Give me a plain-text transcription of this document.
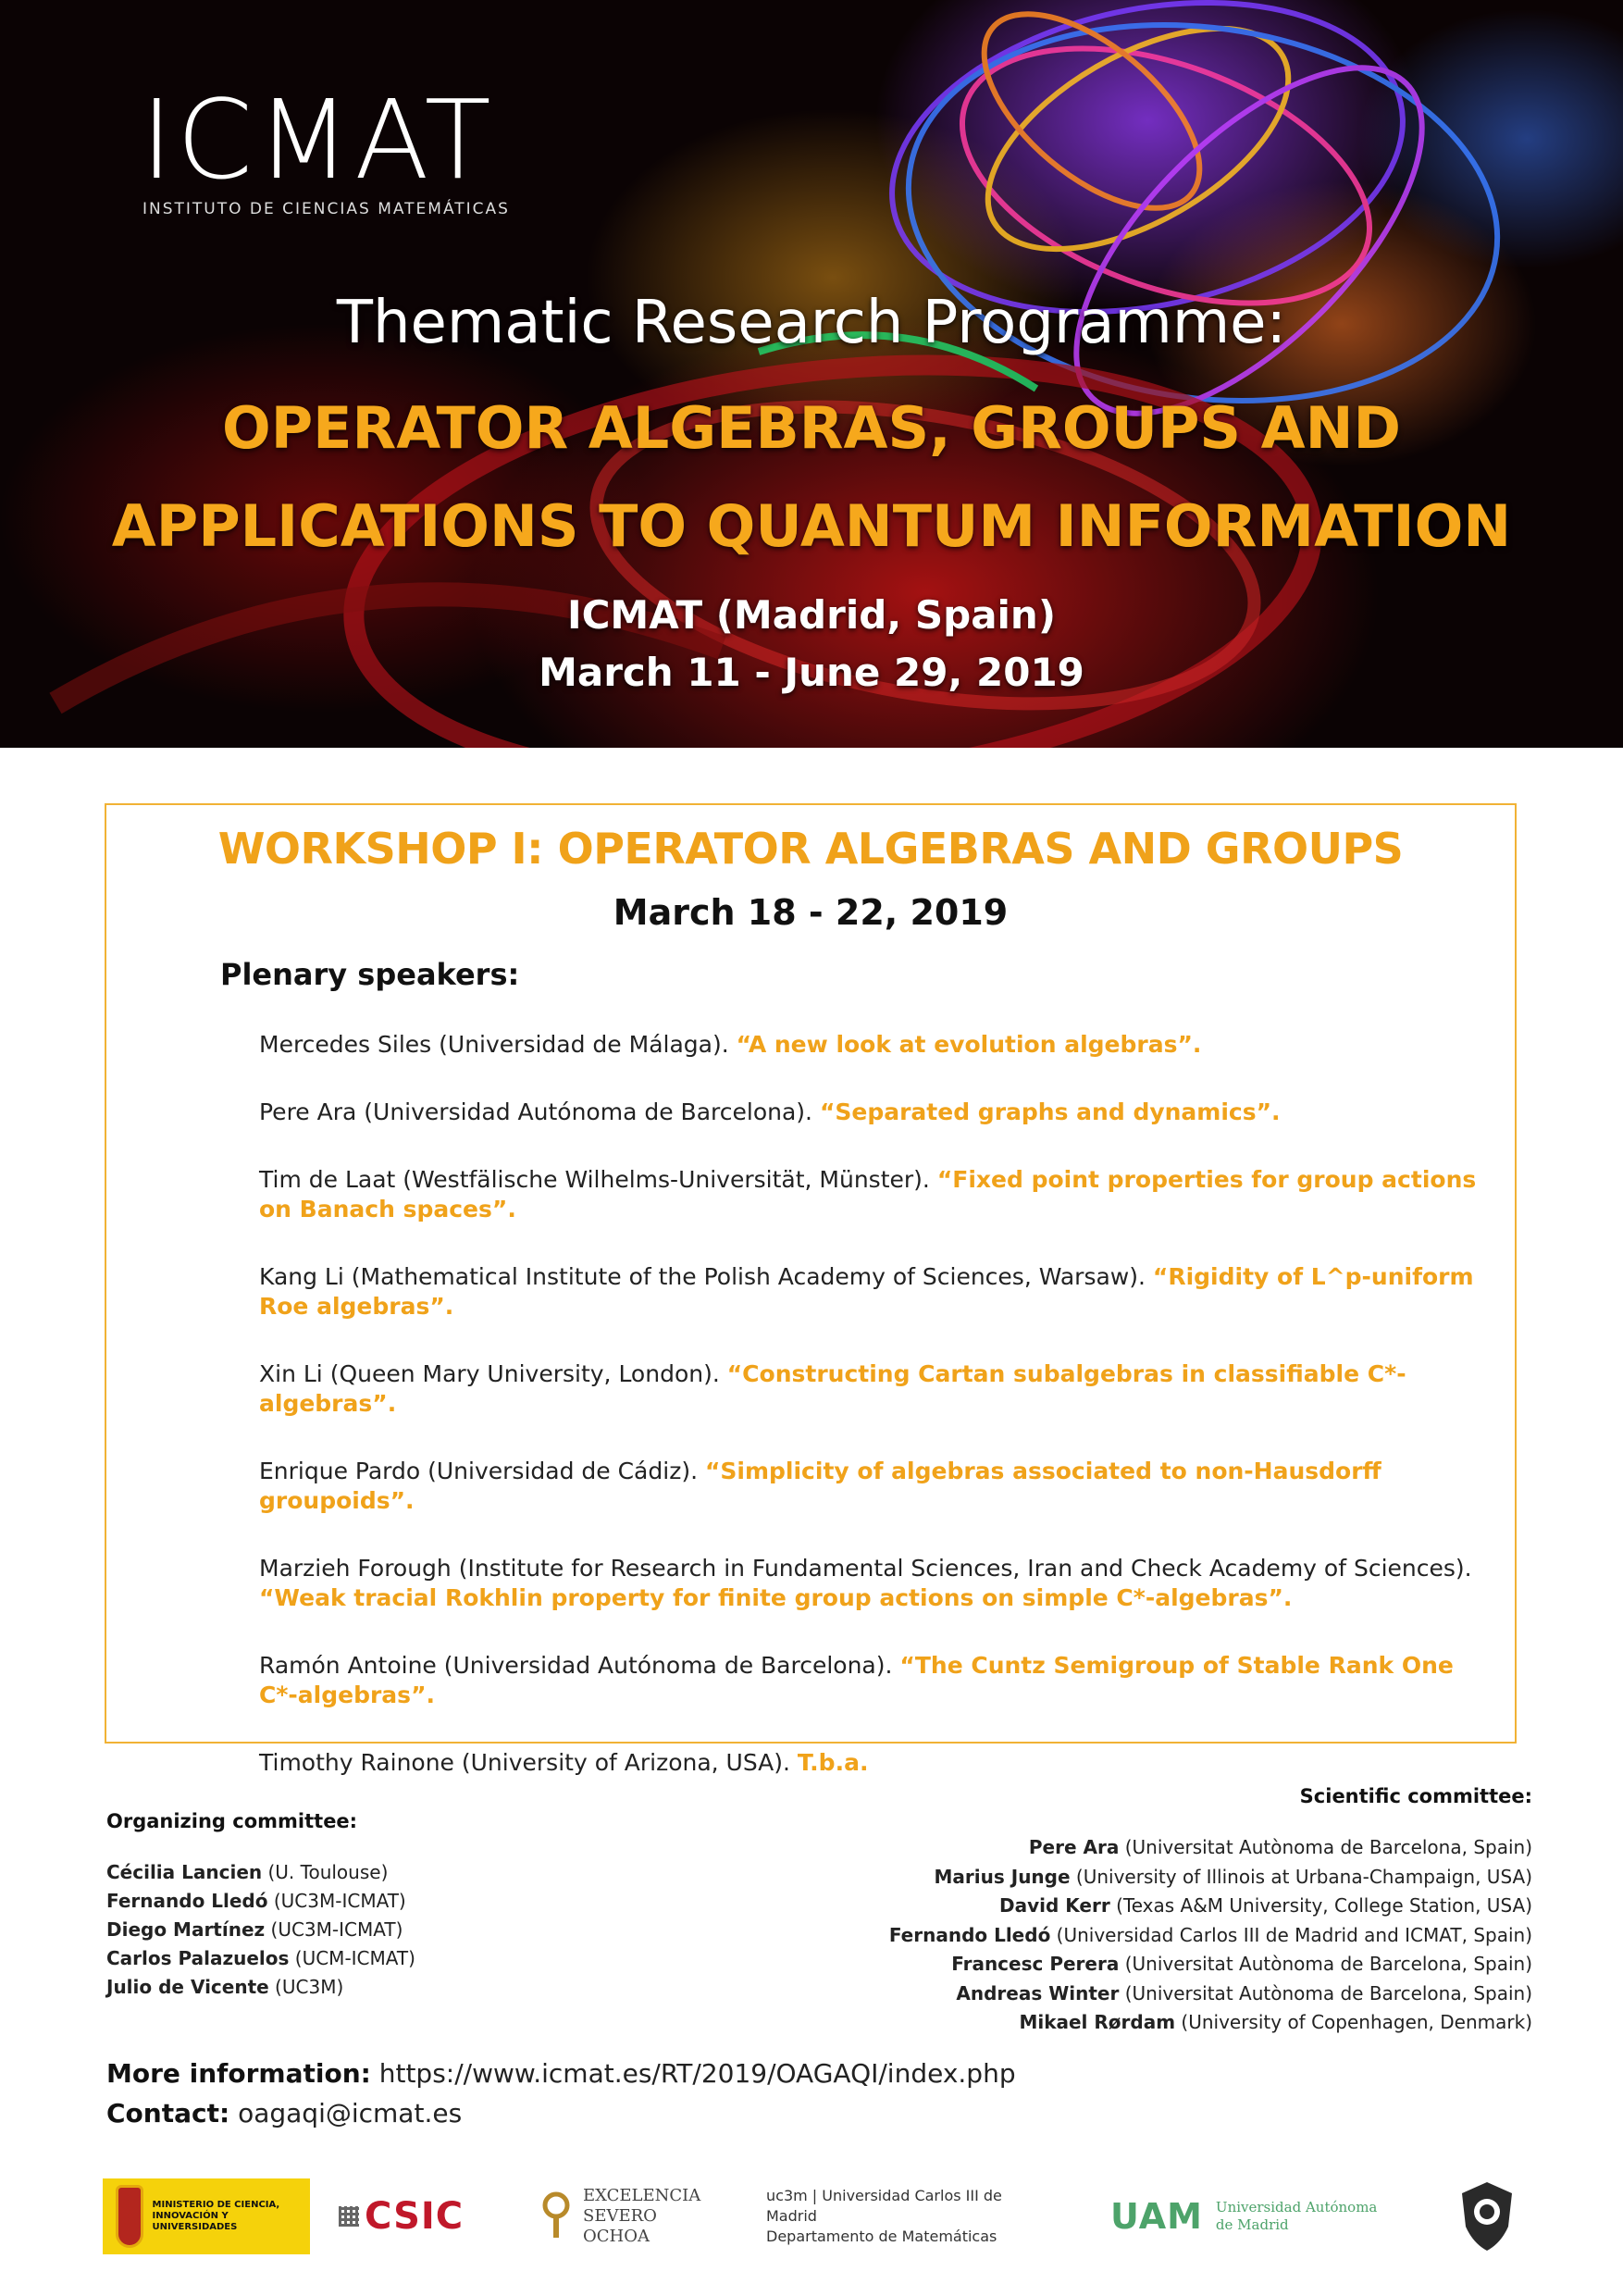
ICMAT
INSTITUTO DE CIENCIAS MATEMÁTICAS
Thematic Research Programme:
OPERATOR ALGEBRAS, GROUPS AND
APPLICATIONS TO QUANTUM INFORMATION
ICMAT (Madrid, Spain)
March 11 - June 29, 2019
WORKSHOP I: OPERATOR ALGEBRAS AND GROUPS
March 18 - 22, 2019
Plenary speakers:
Mercedes Siles (Universidad de Málaga). “A new look at evolution algebras”.
Pere Ara (Universidad Autónoma de Barcelona). “Separated graphs and dynamics”.
Tim de Laat (Westfälische Wilhelms-Universität, Münster). “Fixed point properties for group actions on Banach spaces”.
Kang Li (Mathematical Institute of the Polish Academy of Sciences, Warsaw). “Rigidity of L^p-uniform Roe algebras”.
Xin Li (Queen Mary University, London). “Constructing Cartan subalgebras in classifiable C*-algebras”.
Enrique Pardo (Universidad de Cádiz). “Simplicity of algebras associated to non-Hausdorff groupoids”.
Marzieh Forough (Institute for Research in Fundamental Sciences, Iran and Check Academy of Sciences). “Weak tracial Rokhlin property for finite group actions on simple C*-algebras”.
Ramón Antoine (Universidad Autónoma de Barcelona). “The Cuntz Semigroup of Stable Rank One C*-algebras”.
Timothy Rainone (University of Arizona, USA). T.b.a.
Organizing committee:
Cécilia Lancien (U. Toulouse)
Fernando Lledó (UC3M-ICMAT)
Diego Martínez (UC3M-ICMAT)
Carlos Palazuelos (UCM-ICMAT)
Julio de Vicente (UC3M)
Scientific committee:
Pere Ara (Universitat Autònoma de Barcelona, Spain)
Marius Junge (University of Illinois at Urbana-Champaign, USA)
David Kerr (Texas A&M University, College Station, USA)
Fernando Lledó (Universidad Carlos III de Madrid and ICMAT, Spain)
Francesc Perera (Universitat Autònoma de Barcelona, Spain)
Andreas Winter (Universitat Autònoma de Barcelona, Spain)
Mikael Rørdam (University of Copenhagen, Denmark)
More information: https://www.icmat.es/RT/2019/OAGAQI/index.php
Contact: oagaqi@icmat.es
MINISTERIO DE CIENCIA, INNOVACIÓN Y UNIVERSIDADES	CSIC	EXCELENCIA
SEVERO
OCHOA
uc3m | Universidad Carlos III de Madrid
Departamento de Matemáticas	UAM Universidad Autónoma
de Madrid
